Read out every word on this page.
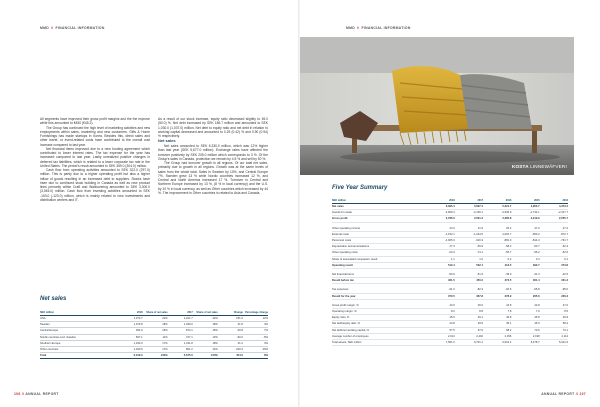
MMD // FINANCIAL INFORMATION

All segments have improved their gross profit margins and the the improve while this amounted to €450 (€45.2).

The Group has continued the high level of marketing activities and new employments within sales, marketing and new customers. Gifts & Home Furnishings has made startups in Korea. Besides this, direct sales and other travel- or event-related costs have contributed to the overall cost increase compared to last year.

Net financial items improved due to a new funding agreement which contributed to lower interest rates. The tax expense for the year has increased compared to last year. Lastly unrealized positive changes in deferred tax liabilities, which is related to a lower corporate tax rate in the United States. The period's result amounted to SEK 369.0 (304.0) million.

Cash flow from operating activities amounted to SEK 322.0 (297.0) million. This is partly due to a higher operating profit but also a higher inflow of goods resulting in an increased debt to suppliers. Stocks have risen due to continued stock building in Canada as well as new product lines primarily within Craft and Wallcovering amounted to SEK 3,300.0 (3,045.0) million. Cash flow from investing activities amounted to SEK -103.0 (-120.0) million, which is mainly related to new investments and distribution centers and IT.

As a result of our stock increase, equity ratio decreased slightly to 45.0 (50.0) %. Net debt increased by SEK 186.7 million and amounted to SEK 1,030.0 (1,037.0) million. Net debt to equity ratio and net debt in relation to working capital decreased and amounted to 0.25 (0.42) % and 0.90 (0.94) % respectively.

Net sales

Net sales amounted to SEK 6,330.0 million, which was 12% higher than last year (SEK 5,677.0 million). Exchange rates have affected the turnover positively by SEK 205.0 million which corresponds to 3 %. Of the Group's sales in Canada, protection we remain by 4.5 % and sell by 50 %.

The Group had turnover growth in all regions. Of our total net sales, primarily due to growth in all regions. Growth was at the same levels of sales from the whole total. Sales in Sweden by 10%, and Central Europe 7%, Sweden grew 13 % while Nordic countries increased 12 %, and Central and North America increased 17 %. Turnover in Central and Northern Europe increased by 13 %, (8 % in local currency) and the U.S. by 10 % in local currency, as well as Other countries which increased by 44 %. The improvement in Other countries is related to Asia and Canada.

Net sales
SEK million	2018	Share of net sales	2017	Share of net sales	Change	Percentage change
USA	1,373.7	22%	1,221.7	22%	151.0	12%
Sweden	1,079.8	18%	1,039.0	18%	41.8	4%
Central Europe	934.9	15%	874.1	15%	60.8	7%
Nordic countries excl. Sweden	667.1	11%	727.1	13%	-60.0	-8%
Southern Europe	1,043.0	17%	1,011.8	18%	31.2	3%
Other countries	1,030.5	17%	801.2	14%	229.3	29%
Total	6,129.0	100%	5,675.0	100%	454.0	8%
106 // ANNUAL REPORT
MMD // FINANCIAL INFORMATION
Five Year Summary
SEK million	2018	2017	2016	2015	2014
Net sales	6,395.4	5,697.4	5,321.7	4,953.7	4,373.4
Goods for resale	-3,609.4	-3,136.1	-2,935.9	-2,734.1	-2,317.7
Gross profit	2,786.0	2,561.3	2,385.8	2,219.6	2,055.7

Other operating income	24.3	21.9	25.4	47.2	27.2
External costs	-1,152.1	-1,024.5	-1,002.7	-950.2	-872.7
Personnel costs	-1,005.3	-916.3	-881.3	-814.4	-731.7
Depreciation and amortisations	-77.3	-65.9	-58.2	-53.7	-52.3
Other operating costs	-64.3	-74.1	-55.7	-56.2	-52.5
Share of associated companies' result	1.1	1.0	0.2	0.4	0.1
Operating result	512.4	502.1	413.5	392.7	373.8

Net financial items	-50.9	-51.9	-39.9	-31.3	-42.5
Result before tax	461.5	450.2	373.5	361.4	331.3

Tax expenses	-91.0	-82.3	-94.6	-95.8	-95.0
Result for the year	370.5	367.8	278.9	265.6	236.3

Gross profit margin, %	43.6	45.0	44.8	44.8	47.0
Operating margin, %	8.0	8.8	7.8	7.9	8.5
Equity ratio, %	45.6	49.1	46.8	45.8	46.9
Net debt/equity ratio, %	24.8	39.5	45.1	46.0	58.4
Net debt/net working capital, %	57.5	67.6	68.2	70.6	73.1
Average number of employees	2,014	2,492	2,396	2,198	2,114
Total assets, SEK million	7,561.0	6,701.1	6,016.4	5,478.7	5,041.6
ANNUAL REPORT // 107
KOSTA LINNEWÄFVERI
